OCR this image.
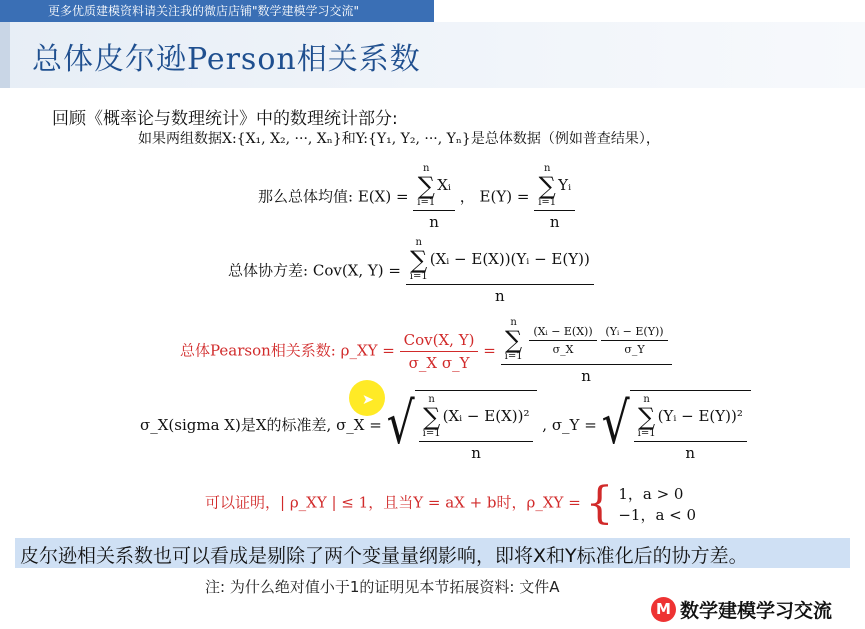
更多优质建模资料请关注我的微店店铺"数学建模学习交流"
总体皮尔逊Person相关系数
回顾《概率论与数理统计》中的数理统计部分:
如果两组数据X:{X₁, X₂, ···, Xₙ}和Y:{Y₁, Y₂, ···, Yₙ}是总体数据（例如普查结果），
那么总体均值: E(X) = n
∑
i=1
Xᵢ
n ， E(Y) = n
∑
i=1
Yᵢ
n
总体协方差: Cov(X, Y) = n
∑
i=1
(Xᵢ − E(X))(Yᵢ − E(Y))
n
总体Pearson相关系数: ρ_XY = $\frac{\text{Cov(X, Y)}}{\text{σ\_X σ\_Y}} = n$
∑
i=1

$\frac{\text{(Xᵢ − E(X))}}{\sigma\_X}$
$\frac{\text{(Yᵢ − E(Y))}}{\sigma\_Y}$
n
σ_X(sigma X)是X的标准差, σ_X = √ n
∑
i=1
(Xᵢ − E(X))²
n , σ_Y = √ n
∑
i=1
(Yᵢ − E(Y))²
n
可以证明，| ρ_XY | ≤ 1，且当Y = aX + b时，ρ_XY = { 1，a > 0
−1，a < 0
皮尔逊相关系数也可以看成是剔除了两个变量量纲影响，即将X和Y标准化后的协方差。
注: 为什么绝对值小于1的证明见本节拓展资料: 文件A
M 数学建模学习交流
➤
